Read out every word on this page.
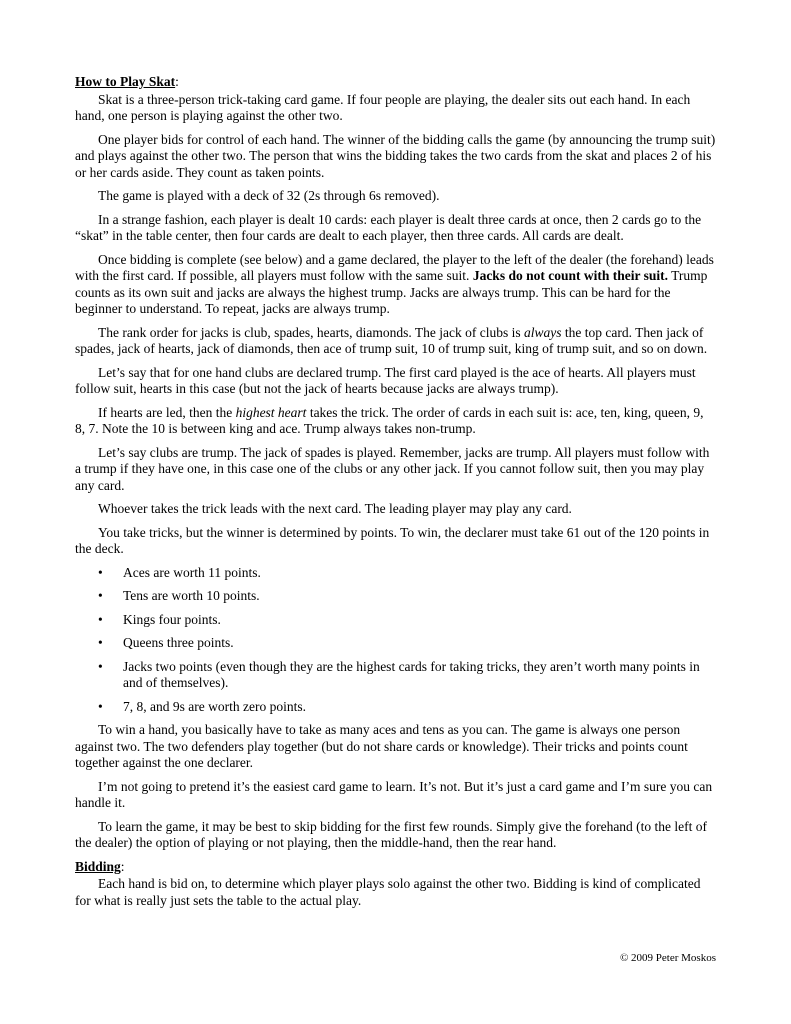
How to Play Skat:

Skat is a three-person trick-taking card game. If four people are playing, the dealer sits out each hand. In each hand, one person is playing against the other two.

One player bids for control of each hand. The winner of the bidding calls the game (by announcing the trump suit) and plays against the other two. The person that wins the bidding takes the two cards from the skat and places 2 of his or her cards aside. They count as taken points.

The game is played with a deck of 32 (2s through 6s removed).

In a strange fashion, each player is dealt 10 cards: each player is dealt three cards at once, then 2 cards go to the “skat” in the table center, then four cards are dealt to each player, then three cards. All cards are dealt.

Once bidding is complete (see below) and a game declared, the player to the left of the dealer (the forehand) leads with the first card. If possible, all players must follow with the same suit. Jacks do not count with their suit. Trump counts as its own suit and jacks are always the highest trump. Jacks are always trump. This can be hard for the beginner to understand. To repeat, jacks are always trump.

The rank order for jacks is club, spades, hearts, diamonds. The jack of clubs is always the top card. Then jack of spades, jack of hearts, jack of diamonds, then ace of trump suit, 10 of trump suit, king of trump suit, and so on down.

Let’s say that for one hand clubs are declared trump. The first card played is the ace of hearts. All players must follow suit, hearts in this case (but not the jack of hearts because jacks are always trump).

If hearts are led, then the highest heart takes the trick. The order of cards in each suit is: ace, ten, king, queen, 9, 8, 7. Note the 10 is between king and ace. Trump always takes non-trump.

Let’s say clubs are trump. The jack of spades is played. Remember, jacks are trump. All players must follow with a trump if they have one, in this case one of the clubs or any other jack. If you cannot follow suit, then you may play any card.

Whoever takes the trick leads with the next card. The leading player may play any card.

You take tricks, but the winner is determined by points. To win, the declarer must take 61 out of the 120 points in the deck.

• Aces are worth 11 points.
• Tens are worth 10 points.
• Kings four points.
• Queens three points.
• Jacks two points (even though they are the highest cards for taking tricks, they aren’t worth many points in and of themselves).
• 7, 8, and 9s are worth zero points.

To win a hand, you basically have to take as many aces and tens as you can. The game is always one person against two. The two defenders play together (but do not share cards or knowledge). Their tricks and points count together against the one declarer.

I’m not going to pretend it’s the easiest card game to learn. It’s not. But it’s just a card game and I’m sure you can handle it.

To learn the game, it may be best to skip bidding for the first few rounds. Simply give the forehand (to the left of the dealer) the option of playing or not playing, then the middle-hand, then the rear hand.

Bidding:

Each hand is bid on, to determine which player plays solo against the other two. Bidding is kind of complicated for what is really just sets the table to the actual play.

© 2009 Peter Moskos
